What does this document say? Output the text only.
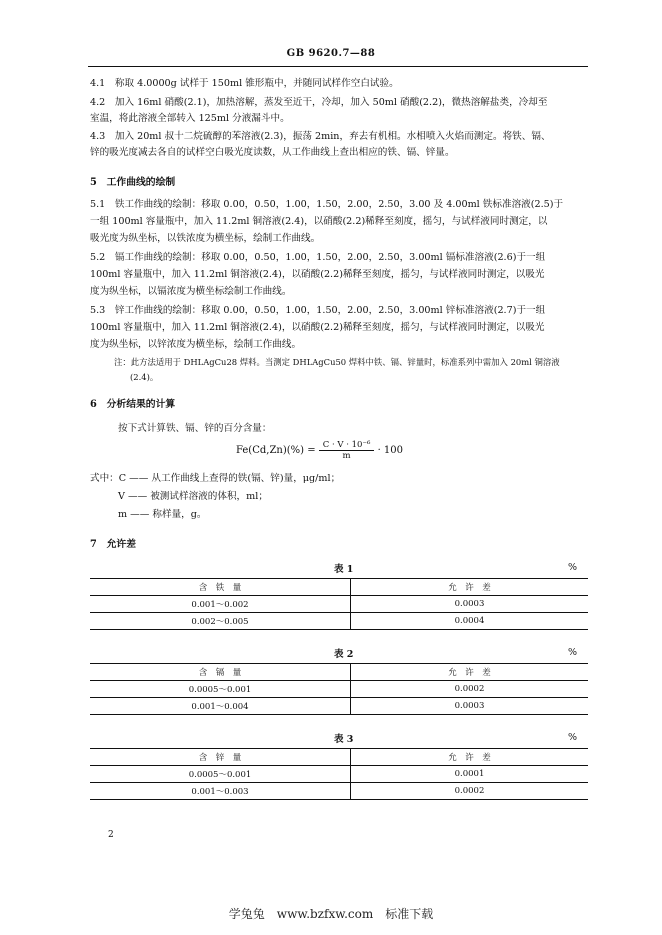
GB 9620.7—88
4.1　称取 4.0000g 试样于 150ml 锥形瓶中，并随同试样作空白试验。
4.2　加入 16ml 硝酸(2.1)，加热溶解，蒸发至近干，冷却，加入 50ml 硝酸(2.2)，微热溶解盐类，冷却至
室温，将此溶液全部转入 125ml 分液漏斗中。
4.3　加入 20ml 叔十二烷硫醇的苯溶液(2.3)，振荡 2min，弃去有机相。水相喷入火焰而测定。将铁、镉、
锌的吸光度减去各自的试样空白吸光度读数，从工作曲线上查出相应的铁、镉、锌量。
5　工作曲线的绘制
5.1　铁工作曲线的绘制：移取 0.00，0.50，1.00，1.50，2.00，2.50，3.00 及 4.00ml 铁标准溶液(2.5)于
一组 100ml 容量瓶中，加入 11.2ml 铜溶液(2.4)，以硝酸(2.2)稀释至刻度，摇匀，与试样液同时测定，以
吸光度为纵坐标，以铁浓度为横坐标，绘制工作曲线。
5.2　镉工作曲线的绘制：移取 0.00，0.50，1.00，1.50，2.00，2.50，3.00ml 镉标准溶液(2.6)于一组
100ml 容量瓶中，加入 11.2ml 铜溶液(2.4)，以硝酸(2.2)稀释至刻度，摇匀，与试样液同时测定，以吸光
度为纵坐标，以镉浓度为横坐标绘制工作曲线。
5.3　锌工作曲线的绘制：移取 0.00，0.50，1.00，1.50，2.00，2.50，3.00ml 锌标准溶液(2.7)于一组
100ml 容量瓶中，加入 11.2ml 铜溶液(2.4)，以硝酸(2.2)稀释至刻度，摇匀，与试样液同时测定，以吸光
度为纵坐标，以锌浓度为横坐标，绘制工作曲线。
注：此方法适用于 DHLAgCu28 焊料。当测定 DHLAgCu50 焊料中铁、镉、锌量时，标准系列中需加入 20ml 铜溶液
(2.4)。
6　分析结果的计算
按下式计算铁、镉、锌的百分含量：
$Fe(Cd,Zn)(\%) = \frac{\text{C · V · 10⁻⁶}}{m} \cdot 100$
式中：C —— 从工作曲线上查得的铁(镉、锌)量，μg/ml；
V —— 被测试样溶液的体积，ml；
m —— 称样量，g。
7　允许差
表 1	%
含　铁　量	允　许　差
0.001～0.002	0.0003
0.002～0.005	0.0004
表 2	%
含　镉　量	允　许　差
0.0005～0.001	0.0002
0.001～0.004	0.0003
表 3	%
含　锌　量	允　许　差
0.0005～0.001	0.0001
0.001～0.003	0.0002
2
学兔兔　www.bzfxw.com　标准下载
